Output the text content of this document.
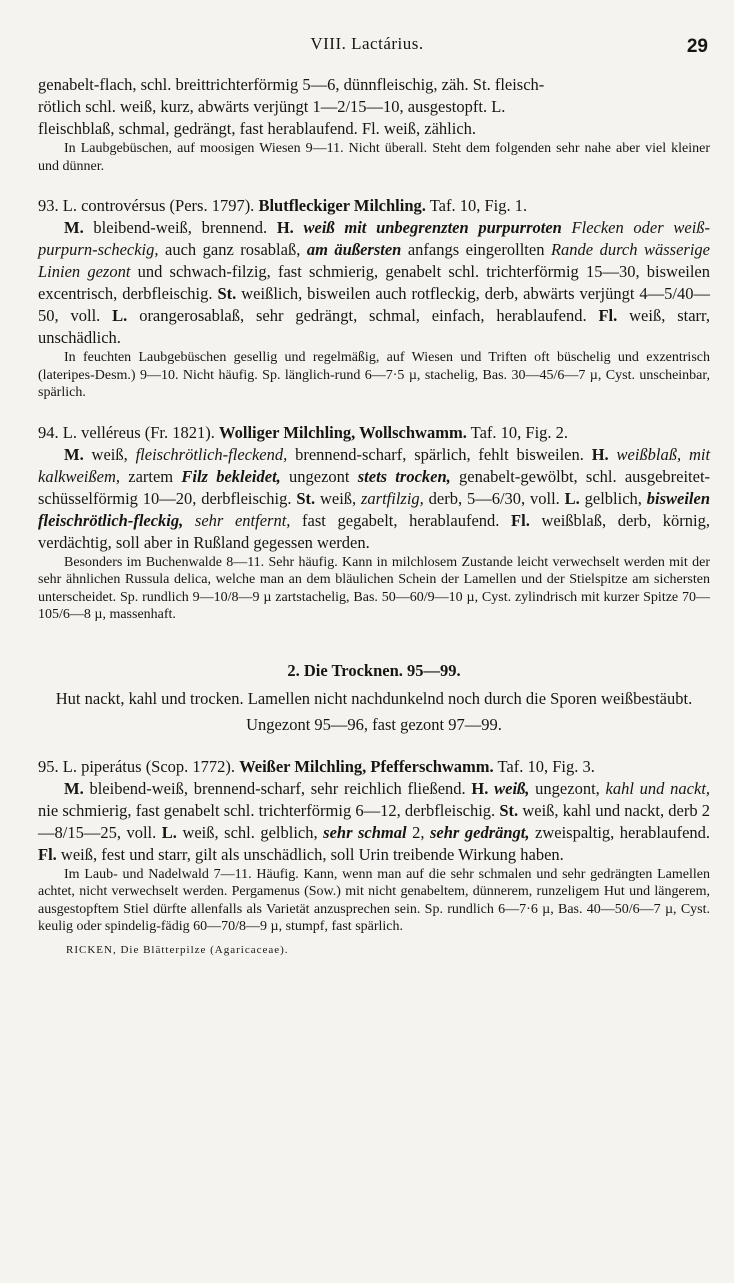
VIII. Lactárius.	29

genabelt-flach, schl. breittrichterförmig 5—6, dünnfleischig, zäh. St. fleisch-

rötlich schl. weiß, kurz, abwärts verjüngt 1—2/15—10, ausgestopft. L.

fleischblaß, schmal, gedrängt, fast herablaufend. Fl. weiß, zählich.

In Laubgebüschen, auf moosigen Wiesen 9—11. Nicht überall. Steht dem folgenden sehr nahe aber viel kleiner und dünner.

93. L. controvérsus (Pers. 1797). Blutfleckiger Milchling. Taf. 10, Fig. 1.

M. bleibend-weiß, brennend. H. weiß mit unbegrenzten purpurroten Flecken oder weiß-purpurn-scheckig, auch ganz rosablaß, am äußersten anfangs eingerollten Rande durch wässerige Linien gezont und schwach-filzig, fast schmierig, genabelt schl. trichterförmig 15—30, bisweilen excentrisch, derbfleischig. St. weißlich, bisweilen auch rotfleckig, derb, abwärts verjüngt 4—5/40—50, voll. L. orangerosablaß, sehr gedrängt, schmal, einfach, herablaufend. Fl. weiß, starr, unschädlich.

In feuchten Laubgebüschen gesellig und regelmäßig, auf Wiesen und Triften oft büschelig und exzentrisch (lateripes-Desm.) 9—10. Nicht häufig. Sp. länglich-rund 6—7·5 µ, stachelig, Bas. 30—45/6—7 µ, Cyst. unscheinbar, spärlich.

94. L. velléreus (Fr. 1821). Wolliger Milchling, Wollschwamm. Taf. 10, Fig. 2.

M. weiß, fleischrötlich-fleckend, brennend-scharf, spärlich, fehlt bisweilen. H. weißblaß, mit kalkweißem, zartem Filz bekleidet, ungezont stets trocken, genabelt-gewölbt, schl. ausgebreitet-schüsselförmig 10—20, derbfleischig. St. weiß, zartfilzig, derb, 5—6/30, voll. L. gelblich, bisweilen fleischrötlich-fleckig, sehr entfernt, fast gegabelt, herablaufend. Fl. weißblaß, derb, körnig, verdächtig, soll aber in Rußland gegessen werden.

Besonders im Buchenwalde 8—11. Sehr häufig. Kann in milchlosem Zustande leicht verwechselt werden mit der sehr ähnlichen Russula delica, welche man an dem bläulichen Schein der Lamellen und der Stielspitze am sichersten unterscheidet. Sp. rundlich 9—10/8—9 µ zartstachelig, Bas. 50—60/9—10 µ, Cyst. zylindrisch mit kurzer Spitze 70—105/6—8 µ, massenhaft.

2. Die Trocknen. 95—99.

Hut nackt, kahl und trocken. Lamellen nicht nachdunkelnd noch durch die Sporen weißbestäubt.

Ungezont 95—96, fast gezont 97—99.

95. L. piperátus (Scop. 1772). Weißer Milchling, Pfefferschwamm. Taf. 10, Fig. 3.

M. bleibend-weiß, brennend-scharf, sehr reichlich fließend. H. weiß, ungezont, kahl und nackt, nie schmierig, fast genabelt schl. trichterförmig 6—12, derbfleischig. St. weiß, kahl und nackt, derb 2—8/15—25, voll. L. weiß, schl. gelblich, sehr schmal 2, sehr gedrängt, zweispaltig, herablaufend. Fl. weiß, fest und starr, gilt als unschädlich, soll Urin treibende Wirkung haben.

Im Laub- und Nadelwald 7—11. Häufig. Kann, wenn man auf die sehr schmalen und sehr gedrängten Lamellen achtet, nicht verwechselt werden. Pergamenus (Sow.) mit nicht genabeltem, dünnerem, runzeligem Hut und längerem, ausgestopftem Stiel dürfte allenfalls als Varietät anzusprechen sein. Sp. rundlich 6—7·6 µ, Bas. 40—50/6—7 µ, Cyst. keulig oder spindelig-fädig 60—70/8—9 µ, stumpf, fast spärlich.

RICKEN, Die Blätterpilze (Agaricaceae).
